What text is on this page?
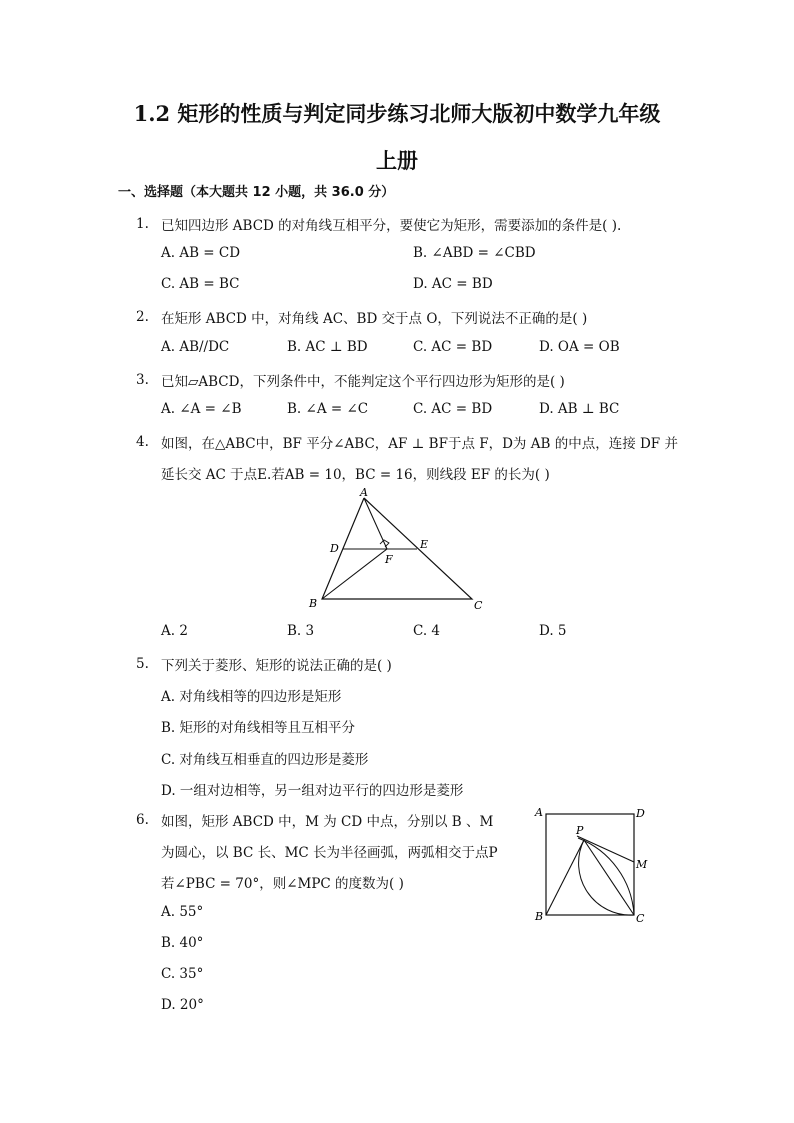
1.2 矩形的性质与判定同步练习北师大版初中数学九年级
上册
一、选择题（本大题共 12 小题，共 36.0 分）
1. 已知四边形 ABCD 的对角线互相平分，要使它为矩形，需要添加的条件是( ).
A. AB = CD	B. ∠ABD = ∠CBD
C. AB = BC	D. AC = BD
2. 在矩形 ABCD 中，对角线 AC、BD 交于点 O，下列说法不正确的是( )
A. AB//DC	B. AC ⊥ BD	C. AC = BD	D. OA = OB
3. 已知▱ABCD，下列条件中，不能判定这个平行四边形为矩形的是( )
A. ∠A = ∠B	B. ∠A = ∠C	C. AC = BD	D. AB ⊥ BC
4. 如图，在△ABC中，BF 平分∠ABC，AF ⊥ BF于点 F，D为 AB 的中点，连接 DF 并
延长交 AC 于点E.若AB = 10，BC = 16，则线段 EF 的长为( )
A
D	E
F
B	C
A. 2	B. 3	C. 4	D. 5
5. 下列关于菱形、矩形的说法正确的是( )
A. 对角线相等的四边形是矩形
B. 矩形的对角线相等且互相平分
C. 对角线互相垂直的四边形是菱形
D. 一组对边相等，另一组对边平行的四边形是菱形
6. 如图，矩形 ABCD 中，M 为 CD 中点，分别以 B 、M
为圆心，以 BC 长、MC 长为半径画弧，两弧相交于点P
若∠PBC = 70°，则∠MPC 的度数为( )
A	D
P
M
B	C
A. 55°
B. 40°
C. 35°
D. 20°
